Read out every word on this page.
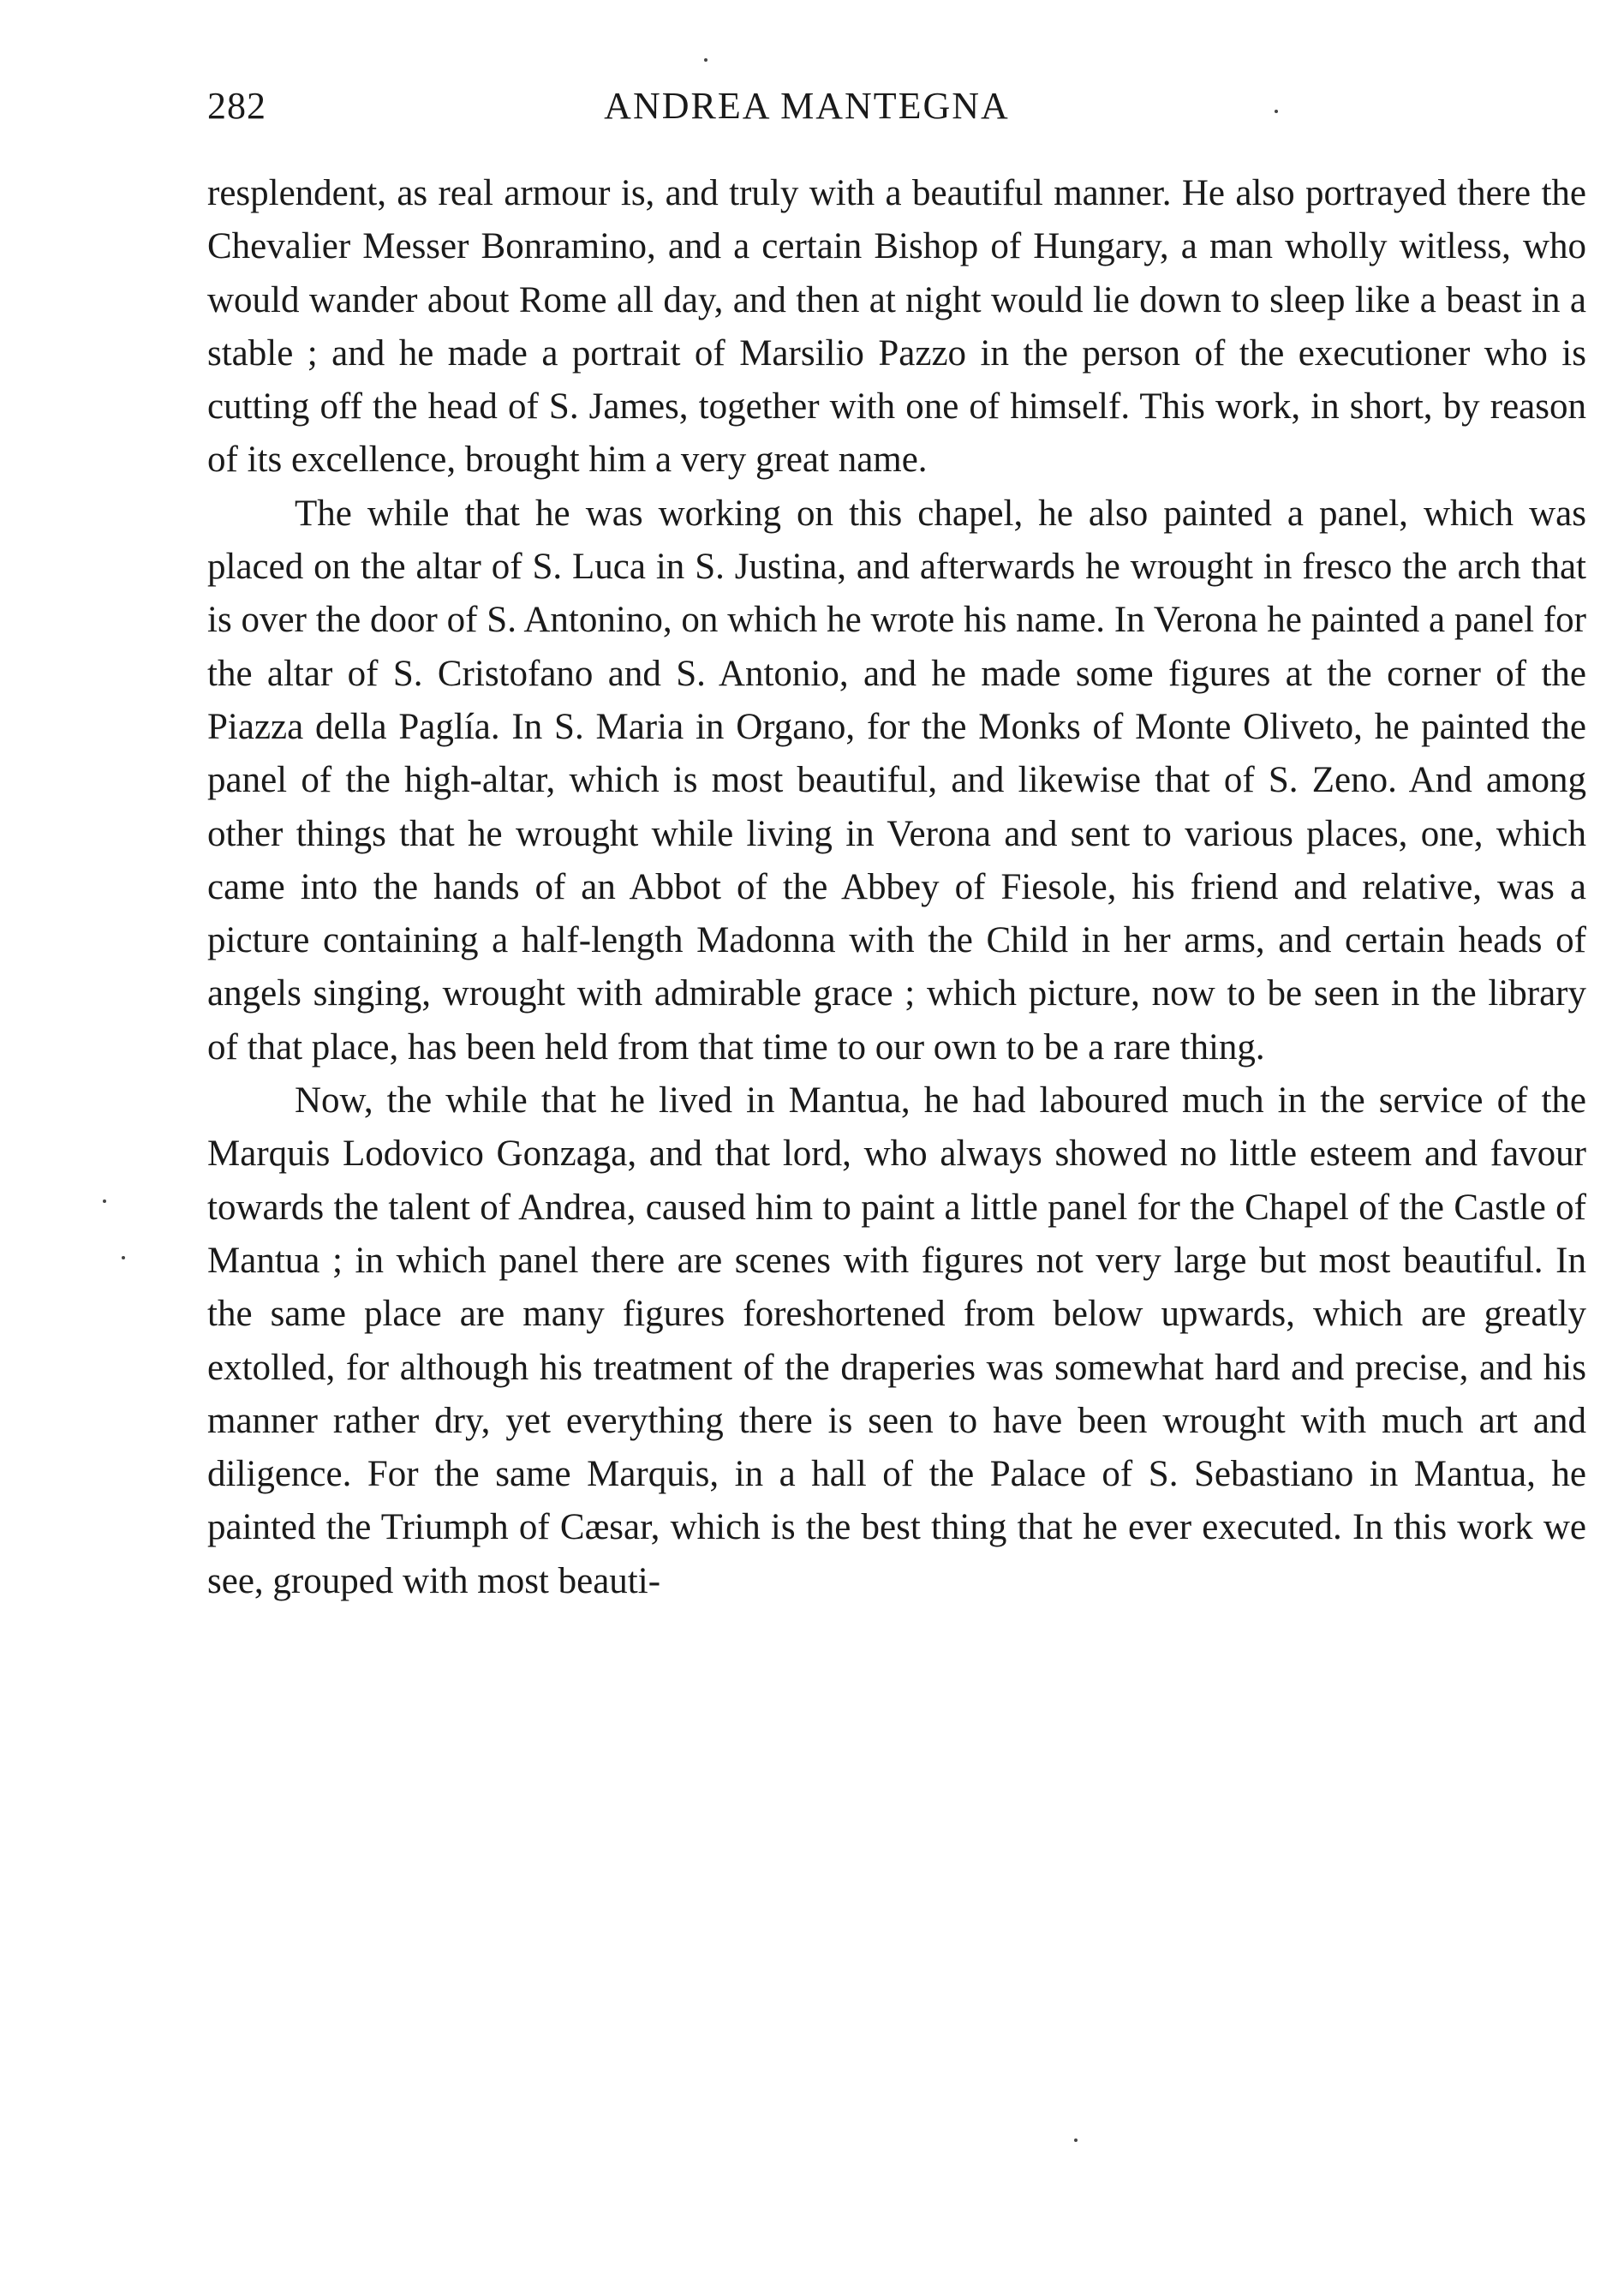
282	ANDREA MANTEGNA

resplendent, as real armour is, and truly with a beautiful manner. He also portrayed there the Chevalier Messer Bonramino, and a certain Bishop of Hungary, a man wholly witless, who would wander about Rome all day, and then at night would lie down to sleep like a beast in a stable ; and he made a portrait of Marsilio Pazzo in the person of the executioner who is cutting off the head of S. James, together with one of himself. This work, in short, by reason of its excellence, brought him a very great name.

The while that he was working on this chapel, he also painted a panel, which was placed on the altar of S. Luca in S. Justina, and afterwards he wrought in fresco the arch that is over the door of S. Antonino, on which he wrote his name. In Verona he painted a panel for the altar of S. Cristofano and S. Antonio, and he made some figures at the corner of the Piazza della Paglía. In S. Maria in Organo, for the Monks of Monte Oliveto, he painted the panel of the high-altar, which is most beautiful, and likewise that of S. Zeno. And among other things that he wrought while living in Verona and sent to various places, one, which came into the hands of an Abbot of the Abbey of Fiesole, his friend and relative, was a picture containing a half-length Madonna with the Child in her arms, and certain heads of angels singing, wrought with admirable grace ; which picture, now to be seen in the library of that place, has been held from that time to our own to be a rare thing.

Now, the while that he lived in Mantua, he had laboured much in the service of the Marquis Lodovico Gonzaga, and that lord, who always showed no little esteem and favour towards the talent of Andrea, caused him to paint a little panel for the Chapel of the Castle of Mantua ; in which panel there are scenes with figures not very large but most beautiful. In the same place are many figures foreshortened from below upwards, which are greatly extolled, for although his treatment of the draperies was somewhat hard and precise, and his manner rather dry, yet everything there is seen to have been wrought with much art and diligence. For the same Marquis, in a hall of the Palace of S. Sebastiano in Mantua, he painted the Triumph of Cæsar, which is the best thing that he ever executed. In this work we see, grouped with most beauti-
